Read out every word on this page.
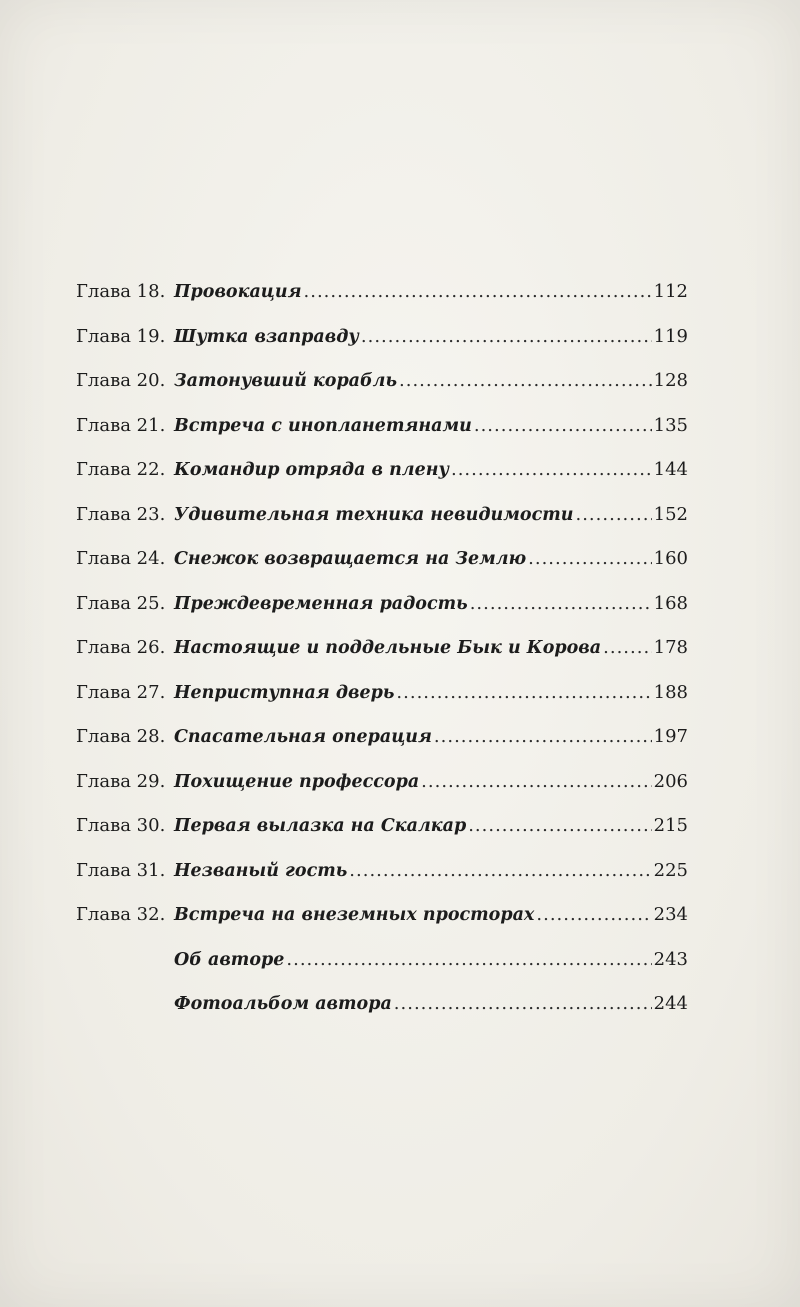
Глава 18. Провокация .....	112
Глава 19. Шутка взаправду .....	119
Глава 20. Затонувший корабль .....	128
Глава 21. Встреча с инопланетянами .....	135
Глава 22. Командир отряда в плену .....	144
Глава 23. Удивительная техника невидимости .....	152
Глава 24. Снежок возвращается на Землю .....	160
Глава 25. Преждевременная радость .....	168
Глава 26. Настоящие и поддельные Бык и Корова .....	178
Глава 27. Неприступная дверь .....	188
Глава 28. Спасательная операция .....	197
Глава 29. Похищение профессора .....	206
Глава 30. Первая вылазка на Скалкар .....	215
Глава 31. Незваный гость .....	225
Глава 32. Встреча на внеземных просторах .....	234
Об авторе .....	243
Фотоальбом автора .....	244
